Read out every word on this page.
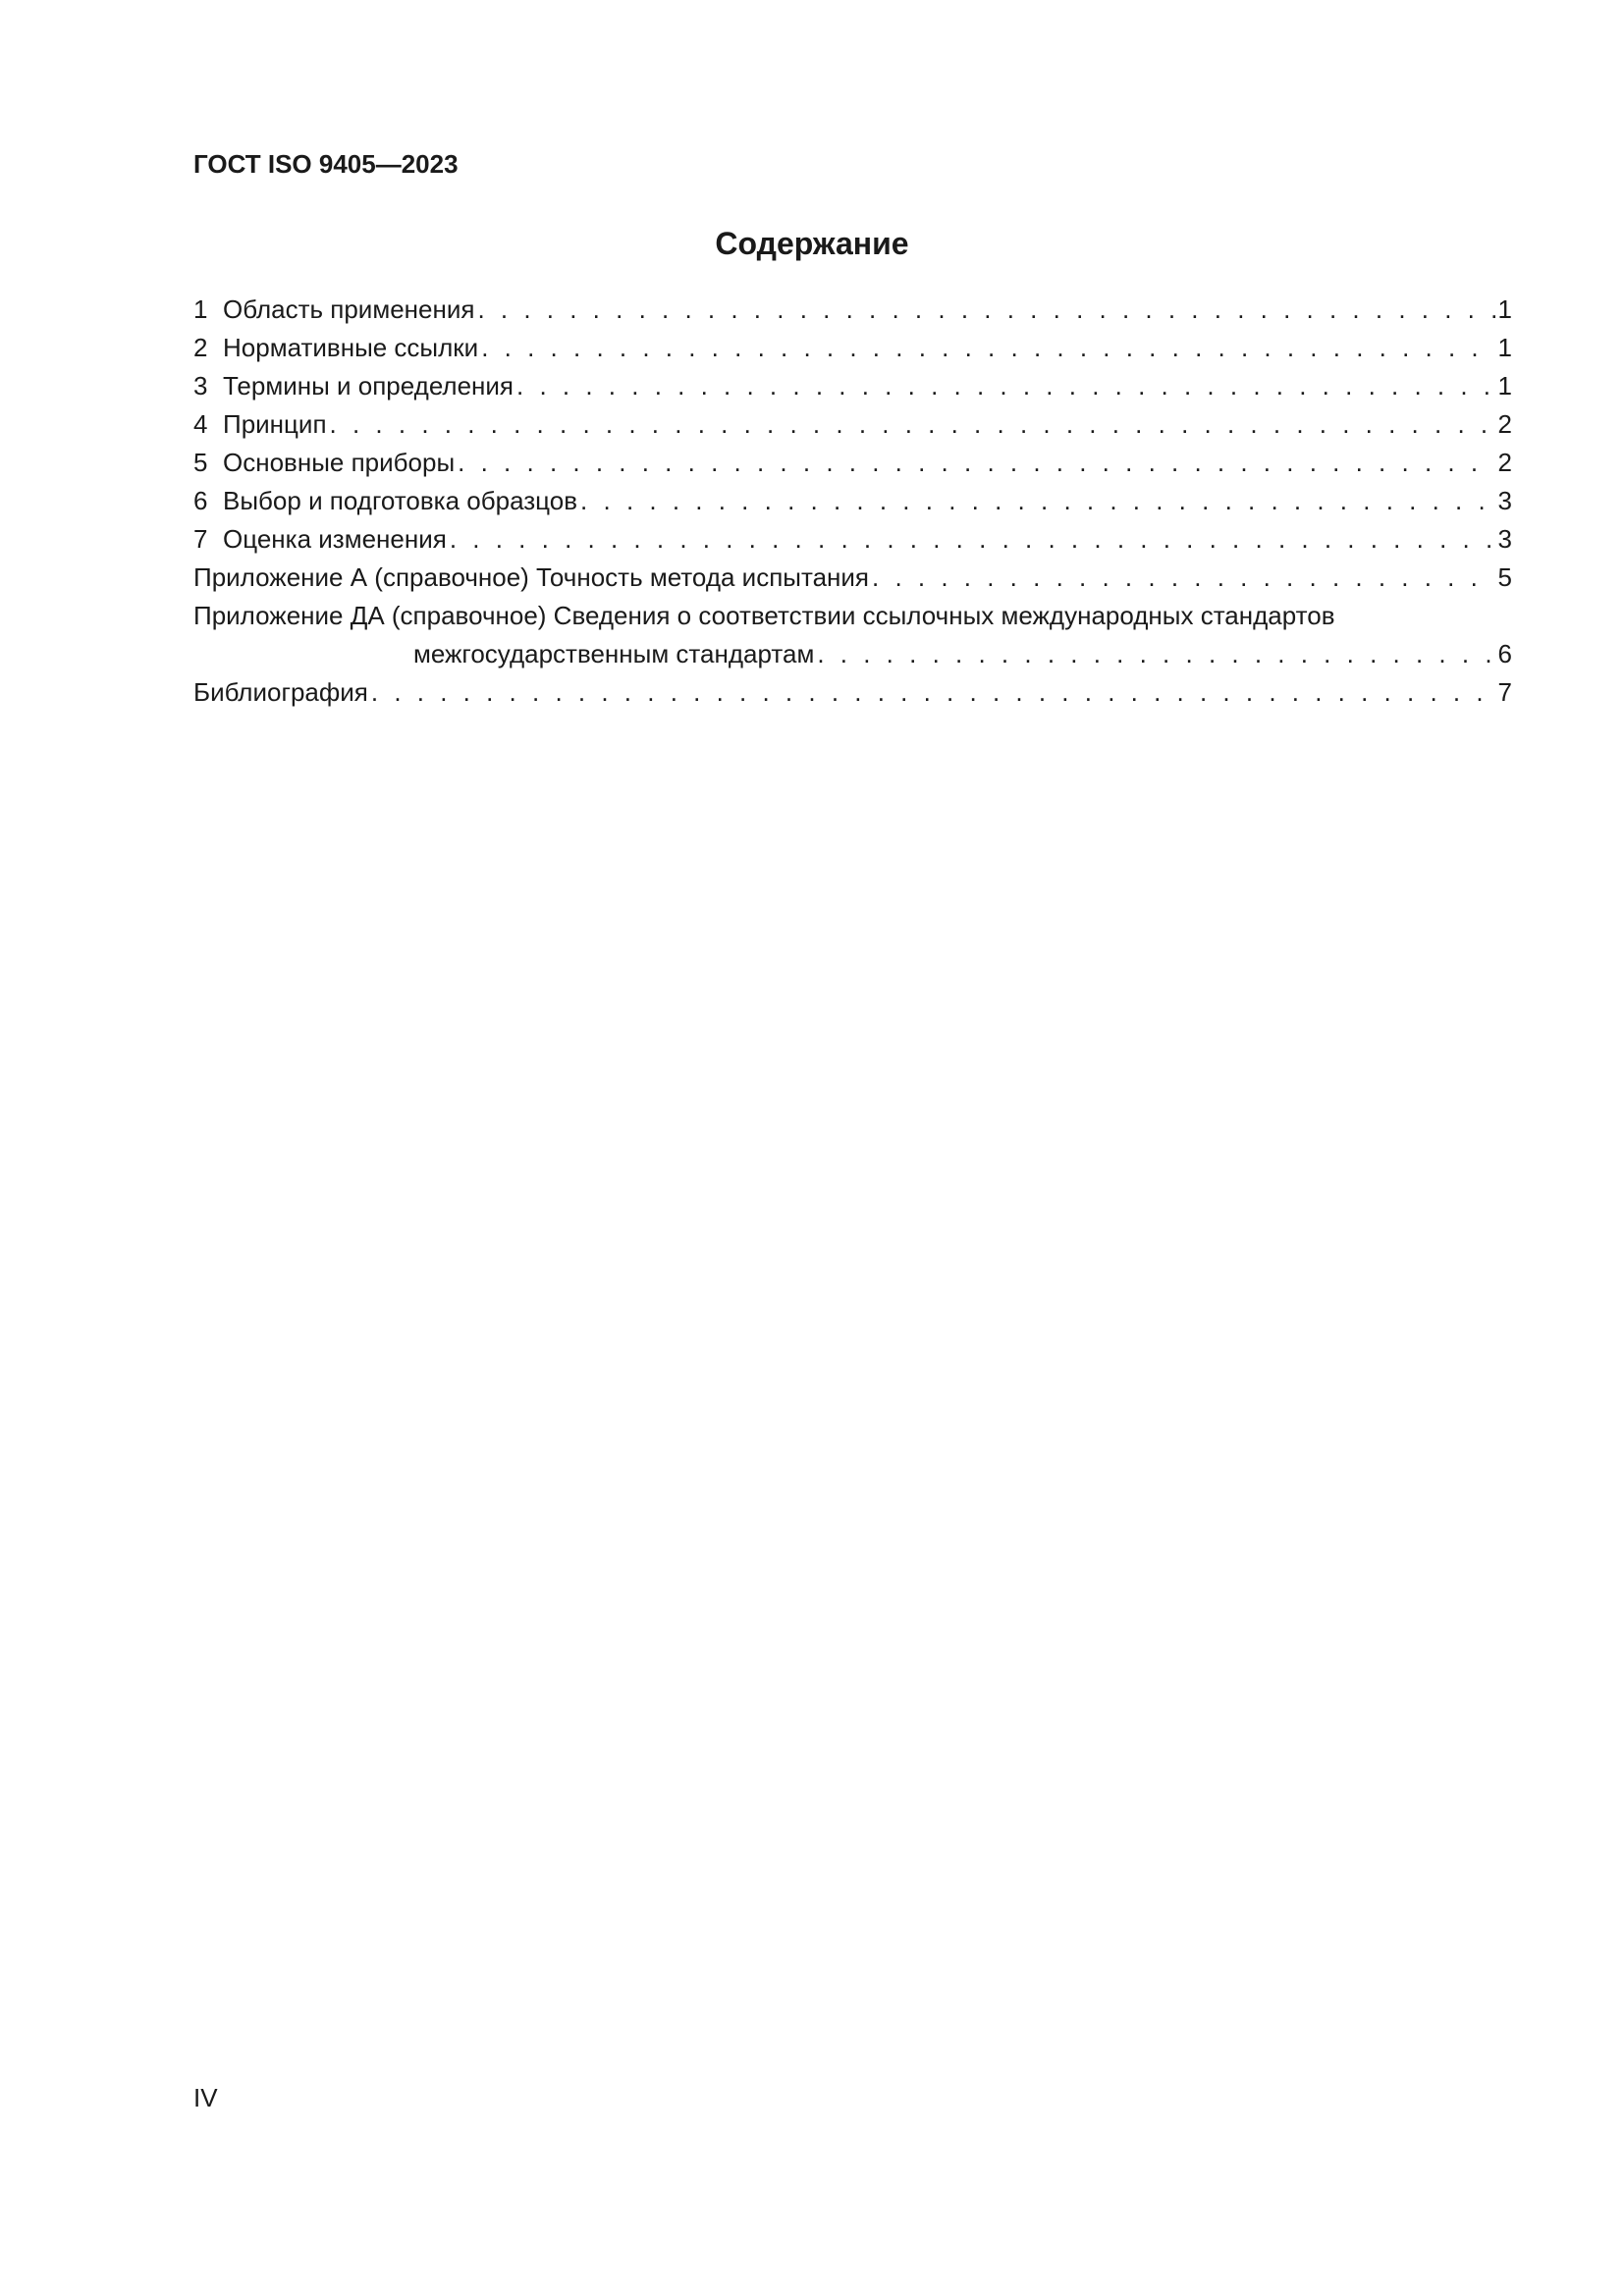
ГОСТ ISO 9405—2023
Содержание
1 Область применения . . .	1
2 Нормативные ссылки . . .	1
3 Термины и определения . . .	1
4 Принцип . . .	2
5 Основные приборы . . .	2
6 Выбор и подготовка образцов . . .	3
7 Оценка изменения . . .	3
Приложение А (справочное) Точность метода испытания . . .	5
Приложение ДА (справочное) Сведения о соответствии ссылочных международных стандартов
межгосударственным стандартам . . .	6
Библиография . . .	7
IV
